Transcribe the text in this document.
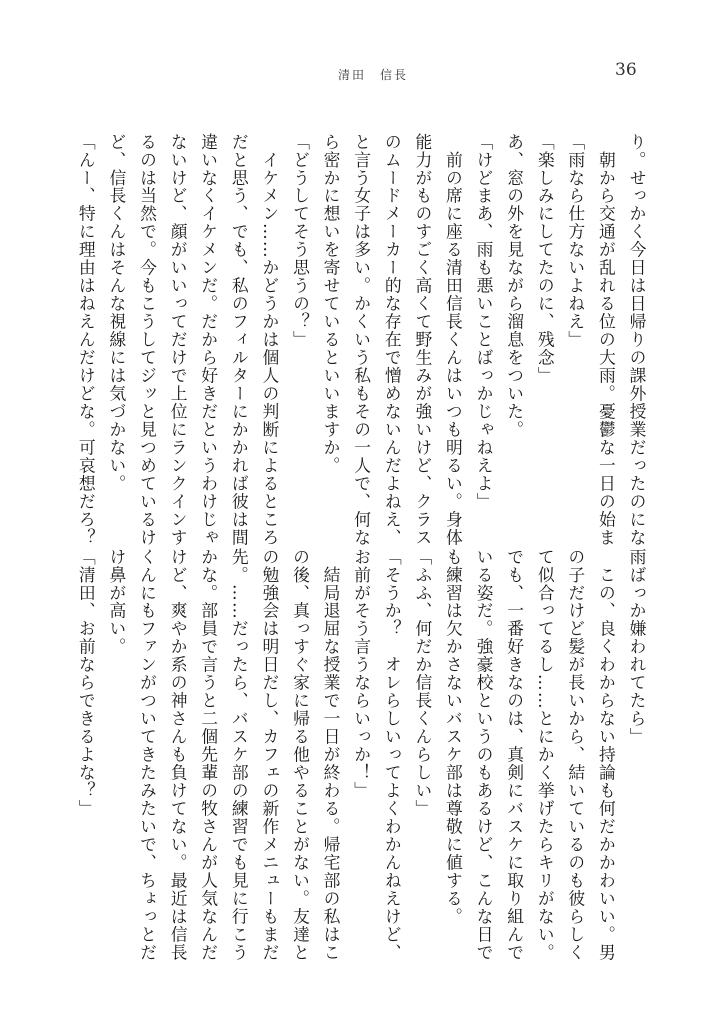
清田　信長	36
り。せっかく今日は日帰りの課外授業だったのにな
　朝から交通が乱れる位の大雨。憂鬱な一日の始ま
「雨なら仕方ないよねえ」
「楽しみにしてたのに、残念」
あ、窓の外を見ながら溜息をついた。
「けどまあ、雨も悪いことばっかじゃねえよ」
　前の席に座る清田信長くんはいつも明るい。身体
能力がものすごく高くて野生みが強いけど、クラス
のムードメーカー的な存在で憎めないんだよねえ、
と言う女子は多い。かくいう私もその一人で、何な
ら密かに想いを寄せているといいますか。
「どうしてそう思うの？」
　イケメン……かどうかは個人の判断によるところ
だと思う、でも、私のフィルターにかかれば彼は間
違いなくイケメンだ。だから好きだというわけじゃ
ないけど、顔がいいってだけで上位にランクインす
るのは当然で。今もこうしてジッと見つめているけ
ど、信長くんはそんな視線には気づかない。
「んー、特に理由はねえんだけどな。可哀想だろ？
雨ばっか嫌われてたら」
　この、良くわからない持論も何だかかわいい。男
の子だけど髪が長いから、結いているのも彼らしく
て似合ってるし……とにかく挙げたらキリがない。
でも、一番好きなのは、真剣にバスケに取り組んで
いる姿だ。強豪校というのもあるけど、こんな日で
も練習は欠かさないバスケ部は尊敬に値する。
「ふふ、何だか信長くんらしい」
「そうか？　オレらしいってよくわかんねえけど、
お前がそう言うならいっか！」
　結局退屈な授業で一日が終わる。帰宅部の私はこ
の後、真っすぐ家に帰る他やることがない。友達と
の勉強会は明日だし、カフェの新作メニューもまだ
先。……だったら、バスケ部の練習でも見に行こう
かな。部員で言うと二個先輩の牧さんが人気なんだ
けど、爽やか系の神さんも負けてない。最近は信長
くんにもファンがついてきたみたいで、ちょっとだ
け鼻が高い。
「清田、お前ならできるよな？」
